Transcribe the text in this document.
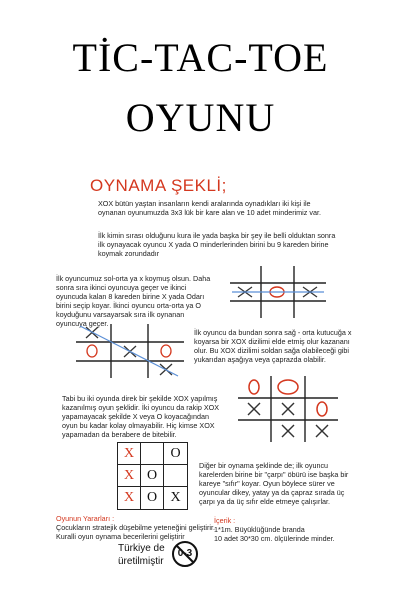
TİC-TAC-TOE
OYUNU
OYNAMA ŞEKLİ;
XOX bütün yaştan insanların kendi aralarında oynadıkları iki kişi ile oynanan oyunumuzda 3x3 lük bir kare alan ve 10 adet minderimiz var.
İlk kimin sırası olduğunu kura ile yada başka bir şey ile belli olduktan sonra ilk oynayacak oyuncu X yada O minderlerinden birini bu 9 kareden birine koymak zorundadır
İlk oyuncumuz sol-orta ya x koymuş olsun. Daha sonra sıra ikinci oyuncuya geçer ve ikinci oyuncuda kalan 8 kareden birine X yada Odarı birini seçip koyar. İkinci oyuncu orta-orta ya O koyduğunu varsayarsak sıra ilk oynanan oyuncuya geçer.
İlk oyuncu da bundan sonra sağ - orta kutucuğa x koyarsa bir XOX dizilimi elde etmiş olur kazananı olur. Bu XOX dizilimi soldan sağa olabileceği gibi yukarıdan aşağıya veya çaprazda olabilir.
Tabi bu iki oyunda direk bir şekilde XOX yapılmış kazanılmış oyun şeklidir. İki oyuncu da rakip XOX yapamayacak şekilde X veya O koyacağından oyun bu kadar kolay olmayabilir. Hiç kimse XOX yapamadan da berabere de bitebilir.
X	O
X O
X O X
Diğer bir oynama şeklinde de; ilk oyuncu karelerden birine bir "çarpı" öbürü ise başka bir kareye "sıfır" koyar. Oyun böylece sürer ve oyuncular dikey, yatay ya da çapraz sırada üç çarpı ya da üç sıfır elde etmeye çalışırlar.
Oyunun Yararları :
Çocukların stratejik düşebilme yeteneğini geliştirir.
Kuralli oyun oynama becerilerini geliştirir
İçerik :
1*1m. Büyüklüğünde branda
10 adet 30*30 cm. ölçülerinde minder.
Türkiye de
üretilmiştir
0-3
